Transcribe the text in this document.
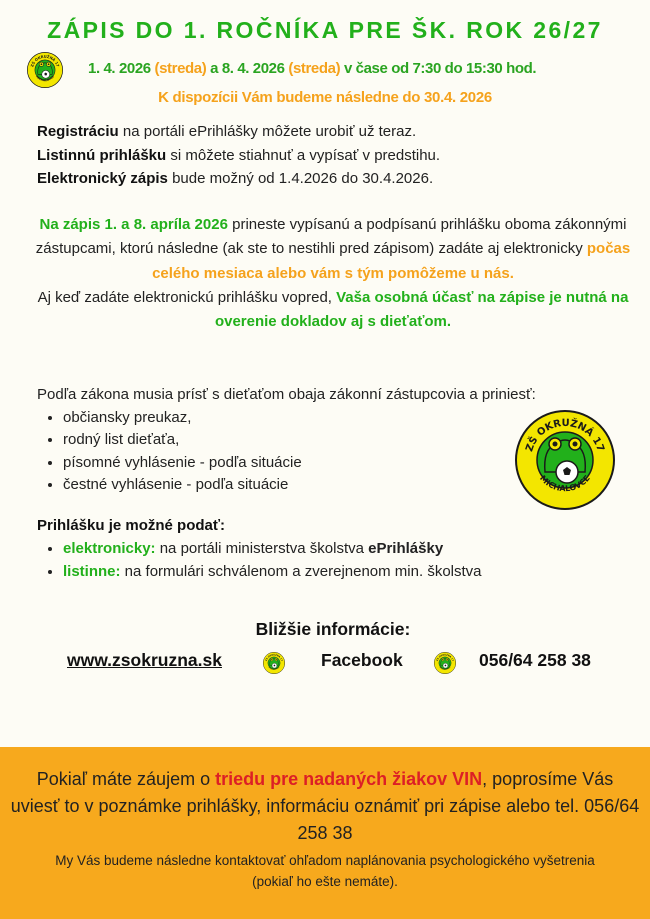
ZÁPIS DO 1. ROČNÍKA PRE ŠK. ROK 26/27
1. 4. 2026 (streda) a 8. 4. 2026 (streda) v čase od 7:30 do 15:30 hod.
K dispozícii Vám budeme následne do 30.4. 2026
Registráciu na portáli ePrihlášky môžete urobiť už teraz.
Listinnú prihlášku si môžete stiahnuť a vypísať v predstihu.
Elektronický zápis bude možný od 1.4.2026 do 30.4.2026.
Na zápis 1. a 8. apríla 2026 prineste vypísanú a podpísanú prihlášku oboma zákonnými zástupcami, ktorú následne (ak ste to nestihli pred zápisom) zadáte aj elektronicky počas celého mesiaca alebo vám s tým pomôžeme u nás.
Aj keď zadáte elektronickú prihlášku vopred, Vaša osobná účasť na zápise je nutná na overenie dokladov aj s dieťaťom.
Podľa zákona musia prísť s dieťaťom obaja zákonní zástupcovia a priniesť:
• občiansky preukaz,
• rodný list dieťaťa,
• písomné vyhlásenie - podľa situácie
• čestné vyhlásenie - podľa situácie
Prihlášku je možné podať:
• elektronicky: na portáli ministerstva školstva ePrihlášky
• listinne: na formulári schválenom a zverejnenom min. školstva
Bližšie informácie:
www.zsokruzna.sk	Facebook	056/64 258 38
Pokiaľ máte záujem o triedu pre nadaných žiakov VIN, poprosíme Vás uviesť to v poznámke prihlášky, informáciu oznámiť pri zápise alebo tel. 056/64 258 38
My Vás budeme následne kontaktovať ohľadom naplánovania psychologického vyšetrenia (pokiaľ ho ešte nemáte).
